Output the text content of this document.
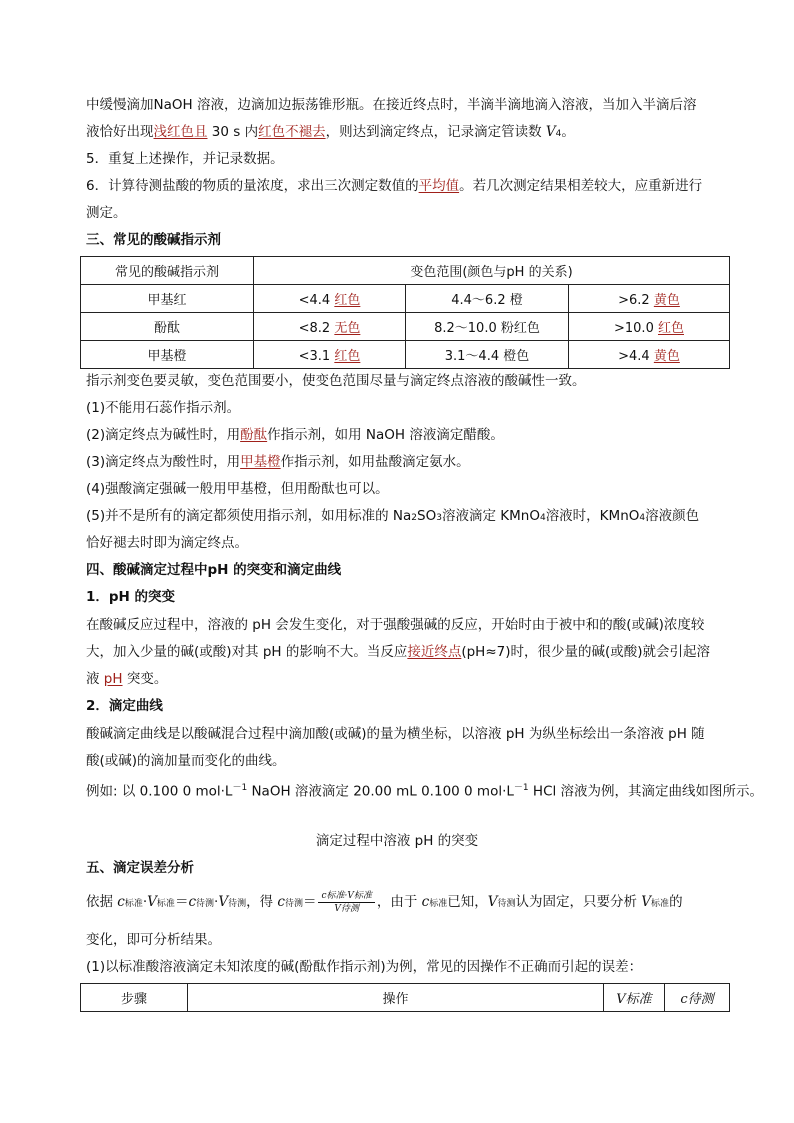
中缓慢滴加NaOH 溶液，边滴加边振荡锥形瓶。在接近终点时，半滴半滴地滴入溶液，当加入半滴后溶
液恰好出现浅红色且 30 s 内红色不褪去，则达到滴定终点，记录滴定管读数 V4。
5．重复上述操作，并记录数据。
6．计算待测盐酸的物质的量浓度，求出三次测定数值的平均值。若几次测定结果相差较大，应重新进行
测定。
三、常见的酸碱指示剂
常见的酸碱指示剂	变色范围(颜色与pH 的关系)		
甲基红	<4.4 红色	4.4～6.2 橙	>6.2 黄色
酚酞	<8.2 无色	8.2～10.0 粉红色	>10.0 红色
甲基橙	<3.1 红色	3.1～4.4 橙色	>4.4 黄色
指示剂变色要灵敏，变色范围要小，使变色范围尽量与滴定终点溶液的酸碱性一致。
(1)不能用石蕊作指示剂。
(2)滴定终点为碱性时，用酚酞作指示剂，如用 NaOH 溶液滴定醋酸。
(3)滴定终点为酸性时，用甲基橙作指示剂，如用盐酸滴定氨水。
(4)强酸滴定强碱一般用甲基橙，但用酚酞也可以。
(5)并不是所有的滴定都须使用指示剂，如用标准的 Na2SO3溶液滴定 KMnO4溶液时，KMnO4溶液颜色
恰好褪去时即为滴定终点。
四、酸碱滴定过程中pH 的突变和滴定曲线
1．pH 的突变
在酸碱反应过程中，溶液的 pH 会发生变化，对于强酸强碱的反应，开始时由于被中和的酸(或碱)浓度较
大，加入少量的碱(或酸)对其 pH 的影响不大。当反应接近终点(pH≈7)时，很少量的碱(或酸)就会引起溶
液 pH 突变。
2．滴定曲线
酸碱滴定曲线是以酸碱混合过程中滴加酸(或碱)的量为横坐标，以溶液 pH 为纵坐标绘出一条溶液 pH 随
酸(或碱)的滴加量而变化的曲线。
例如: 以 0.100 0 $mol\cdot L^{-1}$ NaOH 溶液滴定 20.00 mL 0.100 0 $mol\cdot L^{-1}$ HCl 溶液为例，其滴定曲线如图所示。
滴定过程中溶液 pH 的突变
五、滴定误差分析
依据 c标准·V标准＝c待测·V待测，得 c待测＝ $\frac{\text{c标准·V标准}}{\text{V待测}}$ ，由于 c标准已知，V待测认为固定，只要分析 V标准的
变化，即可分析结果。
(1)以标准酸溶液滴定未知浓度的碱(酚酞作指示剂)为例，常见的因操作不正确而引起的误差：
步骤	操作	V标准	c待测
